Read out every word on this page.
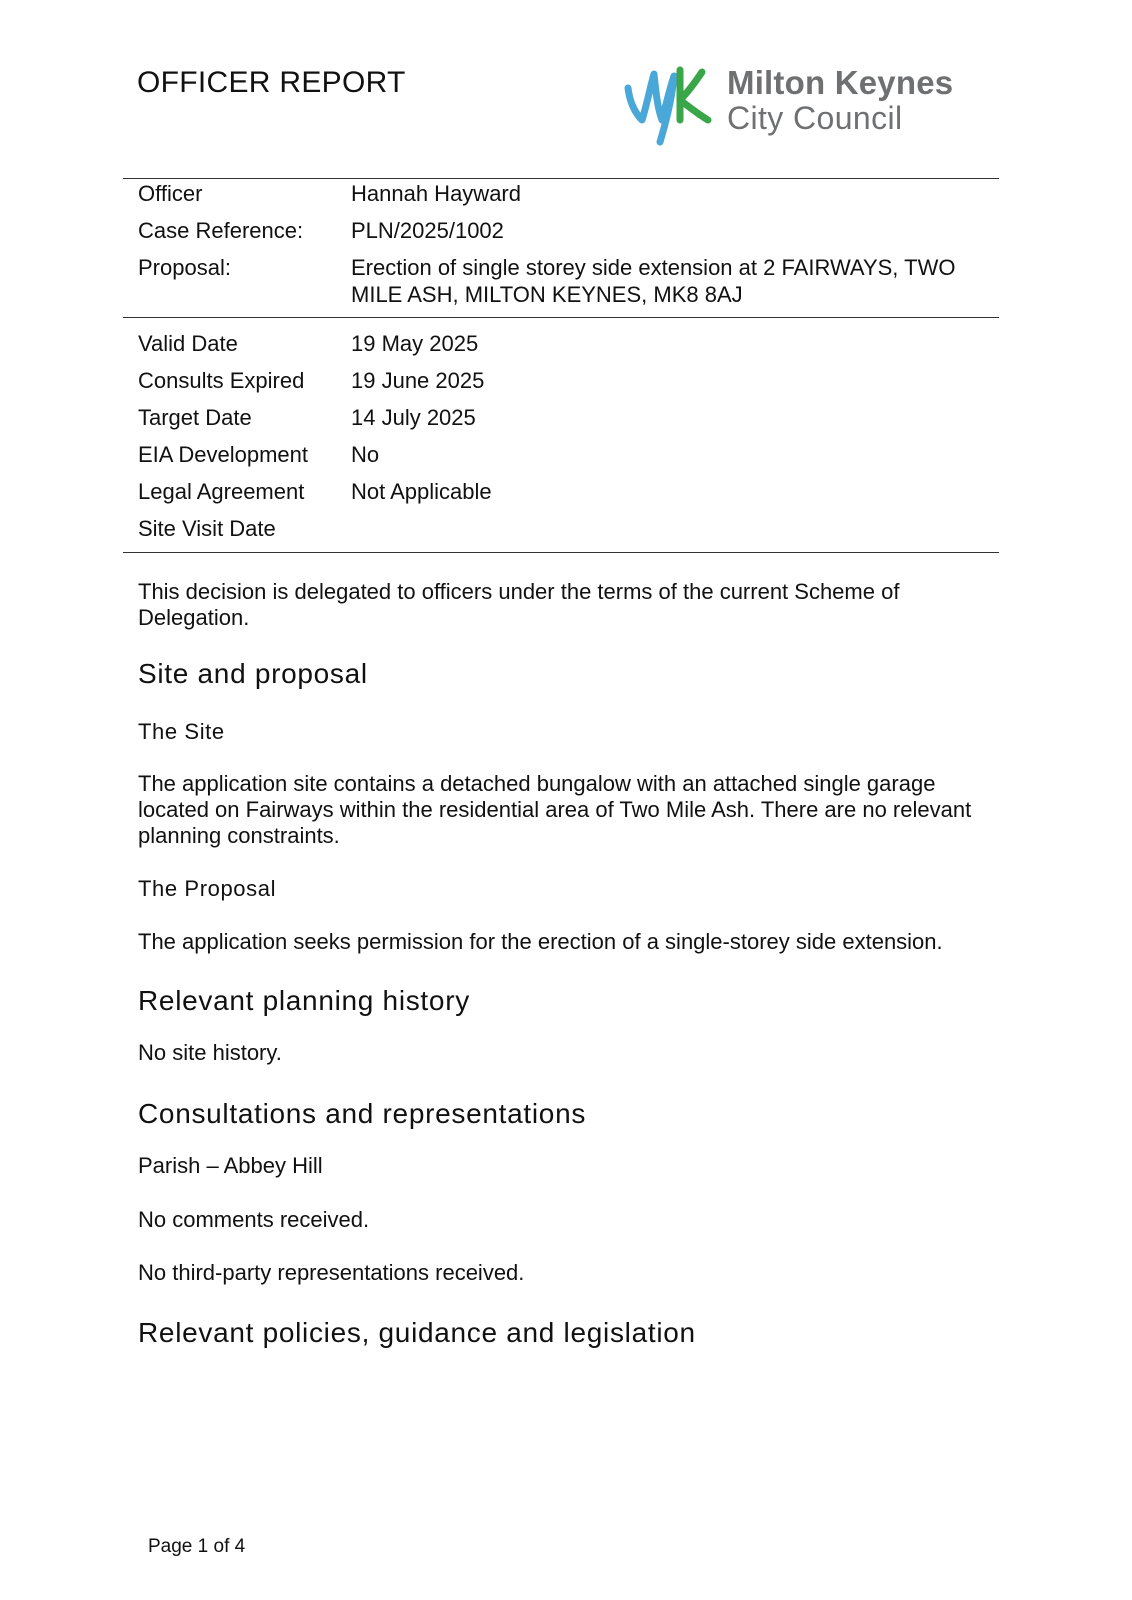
OFFICER REPORT	Milton Keynes
City Council
Officer	Hannah Hayward
Case Reference:	PLN/2025/1002
Proposal:	Erection of single storey side extension at 2 FAIRWAYS, TWO MILE ASH, MILTON KEYNES, MK8 8AJ
Valid Date	19 May 2025
Consults Expired	19 June 2025
Target Date	14 July 2025
EIA Development	No
Legal Agreement	Not Applicable
Site Visit Date

This decision is delegated to officers under the terms of the current Scheme of Delegation.

Site and proposal
The Site

The application site contains a detached bungalow with an attached single garage located on Fairways within the residential area of Two Mile Ash. There are no relevant planning constraints.

The Proposal

The application seeks permission for the erection of a single-storey side extension.

Relevant planning history

No site history.

Consultations and representations

Parish – Abbey Hill

No comments received.

No third-party representations received.

Relevant policies, guidance and legislation
Page 1 of 4
